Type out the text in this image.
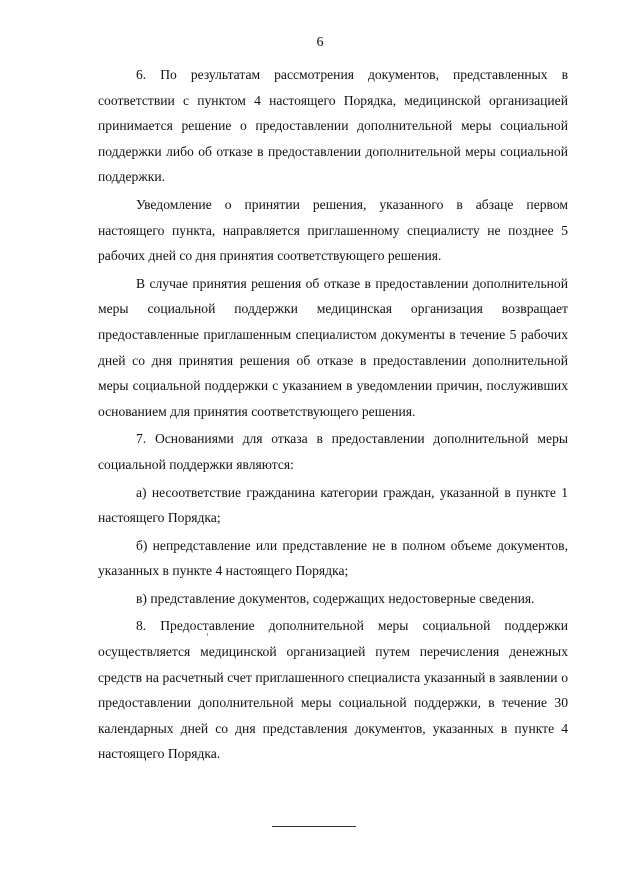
6

6. По результатам рассмотрения документов, представленных в соответствии с пунктом 4 настоящего Порядка, медицинской организацией принимается решение о предоставлении дополнительной меры социальной поддержки либо об отказе в предоставлении дополнительной меры социальной поддержки.

Уведомление о принятии решения, указанного в абзаце первом настоящего пункта, направляется приглашенному специалисту не позднее 5 рабочих дней со дня принятия соответствующего решения.

В случае принятия решения об отказе в предоставлении дополнительной меры социальной поддержки медицинская организация возвращает предоставленные приглашенным специалистом документы в течение 5 рабочих дней со дня принятия решения об отказе в предоставлении дополнительной меры социальной поддержки с указанием в уведомлении причин, послуживших основанием для принятия соответствующего решения.

7. Основаниями для отказа в предоставлении дополнительной меры социальной поддержки являются:

а) несоответствие гражданина категории граждан, указанной в пункте 1 настоящего Порядка;

б) непредставление или представление не в полном объеме документов, указанных в пункте 4 настоящего Порядка;

в) представление документов, содержащих недостоверные сведения.

8. Предоставление дополнительной меры социальной поддержки осуществляется медицинской организацией путем перечисления денежных средств на расчетный счет приглашенного специалиста указанный в заявлении о предоставлении дополнительной меры социальной поддержки, в течение 30 календарных дней со дня представления документов, указанных в пункте 4 настоящего Порядка.
